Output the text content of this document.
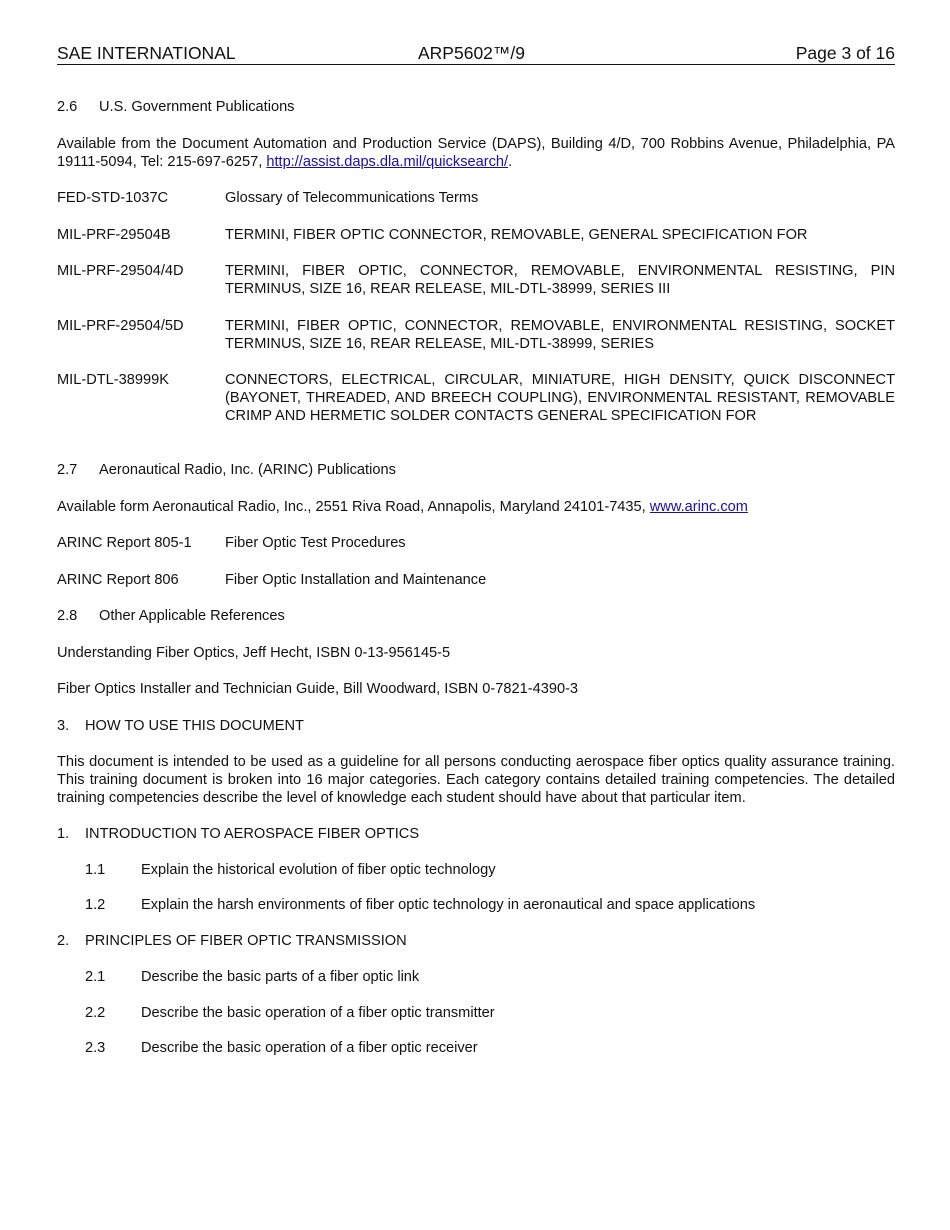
SAE INTERNATIONAL	ARP5602™/9	Page 3 of 16
2.6 U.S. Government Publications
Available from the Document Automation and Production Service (DAPS), Building 4/D, 700 Robbins Avenue, Philadelphia, PA 19111-5094, Tel: 215-697-6257, http://assist.daps.dla.mil/quicksearch/.
FED-STD-1037C	Glossary of Telecommunications Terms
MIL-PRF-29504B	TERMINI, FIBER OPTIC CONNECTOR, REMOVABLE, GENERAL SPECIFICATION FOR
MIL-PRF-29504/4D	TERMINI, FIBER OPTIC, CONNECTOR, REMOVABLE, ENVIRONMENTAL RESISTING, PIN TERMINUS, SIZE 16, REAR RELEASE, MIL-DTL-38999, SERIES III
MIL-PRF-29504/5D	TERMINI, FIBER OPTIC, CONNECTOR, REMOVABLE, ENVIRONMENTAL RESISTING, SOCKET TERMINUS, SIZE 16, REAR RELEASE, MIL-DTL-38999, SERIES
MIL-DTL-38999K	CONNECTORS, ELECTRICAL, CIRCULAR, MINIATURE, HIGH DENSITY, QUICK DISCONNECT (BAYONET, THREADED, AND BREECH COUPLING), ENVIRONMENTAL RESISTANT, REMOVABLE CRIMP AND HERMETIC SOLDER CONTACTS GENERAL SPECIFICATION FOR
2.7 Aeronautical Radio, Inc. (ARINC) Publications
Available form Aeronautical Radio, Inc., 2551 Riva Road, Annapolis, Maryland 24101-7435, www.arinc.com
ARINC Report 805-1 Fiber Optic Test Procedures
ARINC Report 806	Fiber Optic Installation and Maintenance
2.8 Other Applicable References
Understanding Fiber Optics, Jeff Hecht, ISBN 0-13-956145-5
Fiber Optics Installer and Technician Guide, Bill Woodward, ISBN 0-7821-4390-3
3. HOW TO USE THIS DOCUMENT
This document is intended to be used as a guideline for all persons conducting aerospace fiber optics quality assurance training. This training document is broken into 16 major categories. Each category contains detailed training competencies. The detailed training competencies describe the level of knowledge each student should have about that particular item.
1. INTRODUCTION TO AEROSPACE FIBER OPTICS
1.1 Explain the historical evolution of fiber optic technology
1.2 Explain the harsh environments of fiber optic technology in aeronautical and space applications
2. PRINCIPLES OF FIBER OPTIC TRANSMISSION
2.1 Describe the basic parts of a fiber optic link
2.2 Describe the basic operation of a fiber optic transmitter
2.3 Describe the basic operation of a fiber optic receiver
